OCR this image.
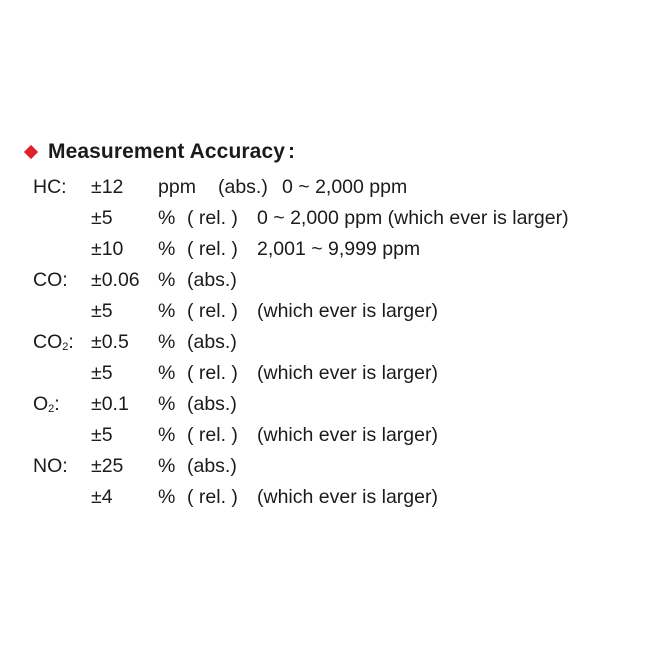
Measurement Accuracy :
HC: ±12 ppm (abs.) 0 ~ 2,000 ppm
±5 % ( rel. ) 0 ~ 2,000 ppm (which ever is larger)
±10 % ( rel. ) 2,001 ~ 9,999 ppm
CO: ±0.06 % (abs.)
±5 % ( rel. ) (which ever is larger)
$CO_2$: ±0.5 % (abs.)
±5 % ( rel. ) (which ever is larger)
$O_2$: ±0.1 % (abs.)
±5 % ( rel. ) (which ever is larger)
NO: ±25 % (abs.)
±4 % ( rel. ) (which ever is larger)
